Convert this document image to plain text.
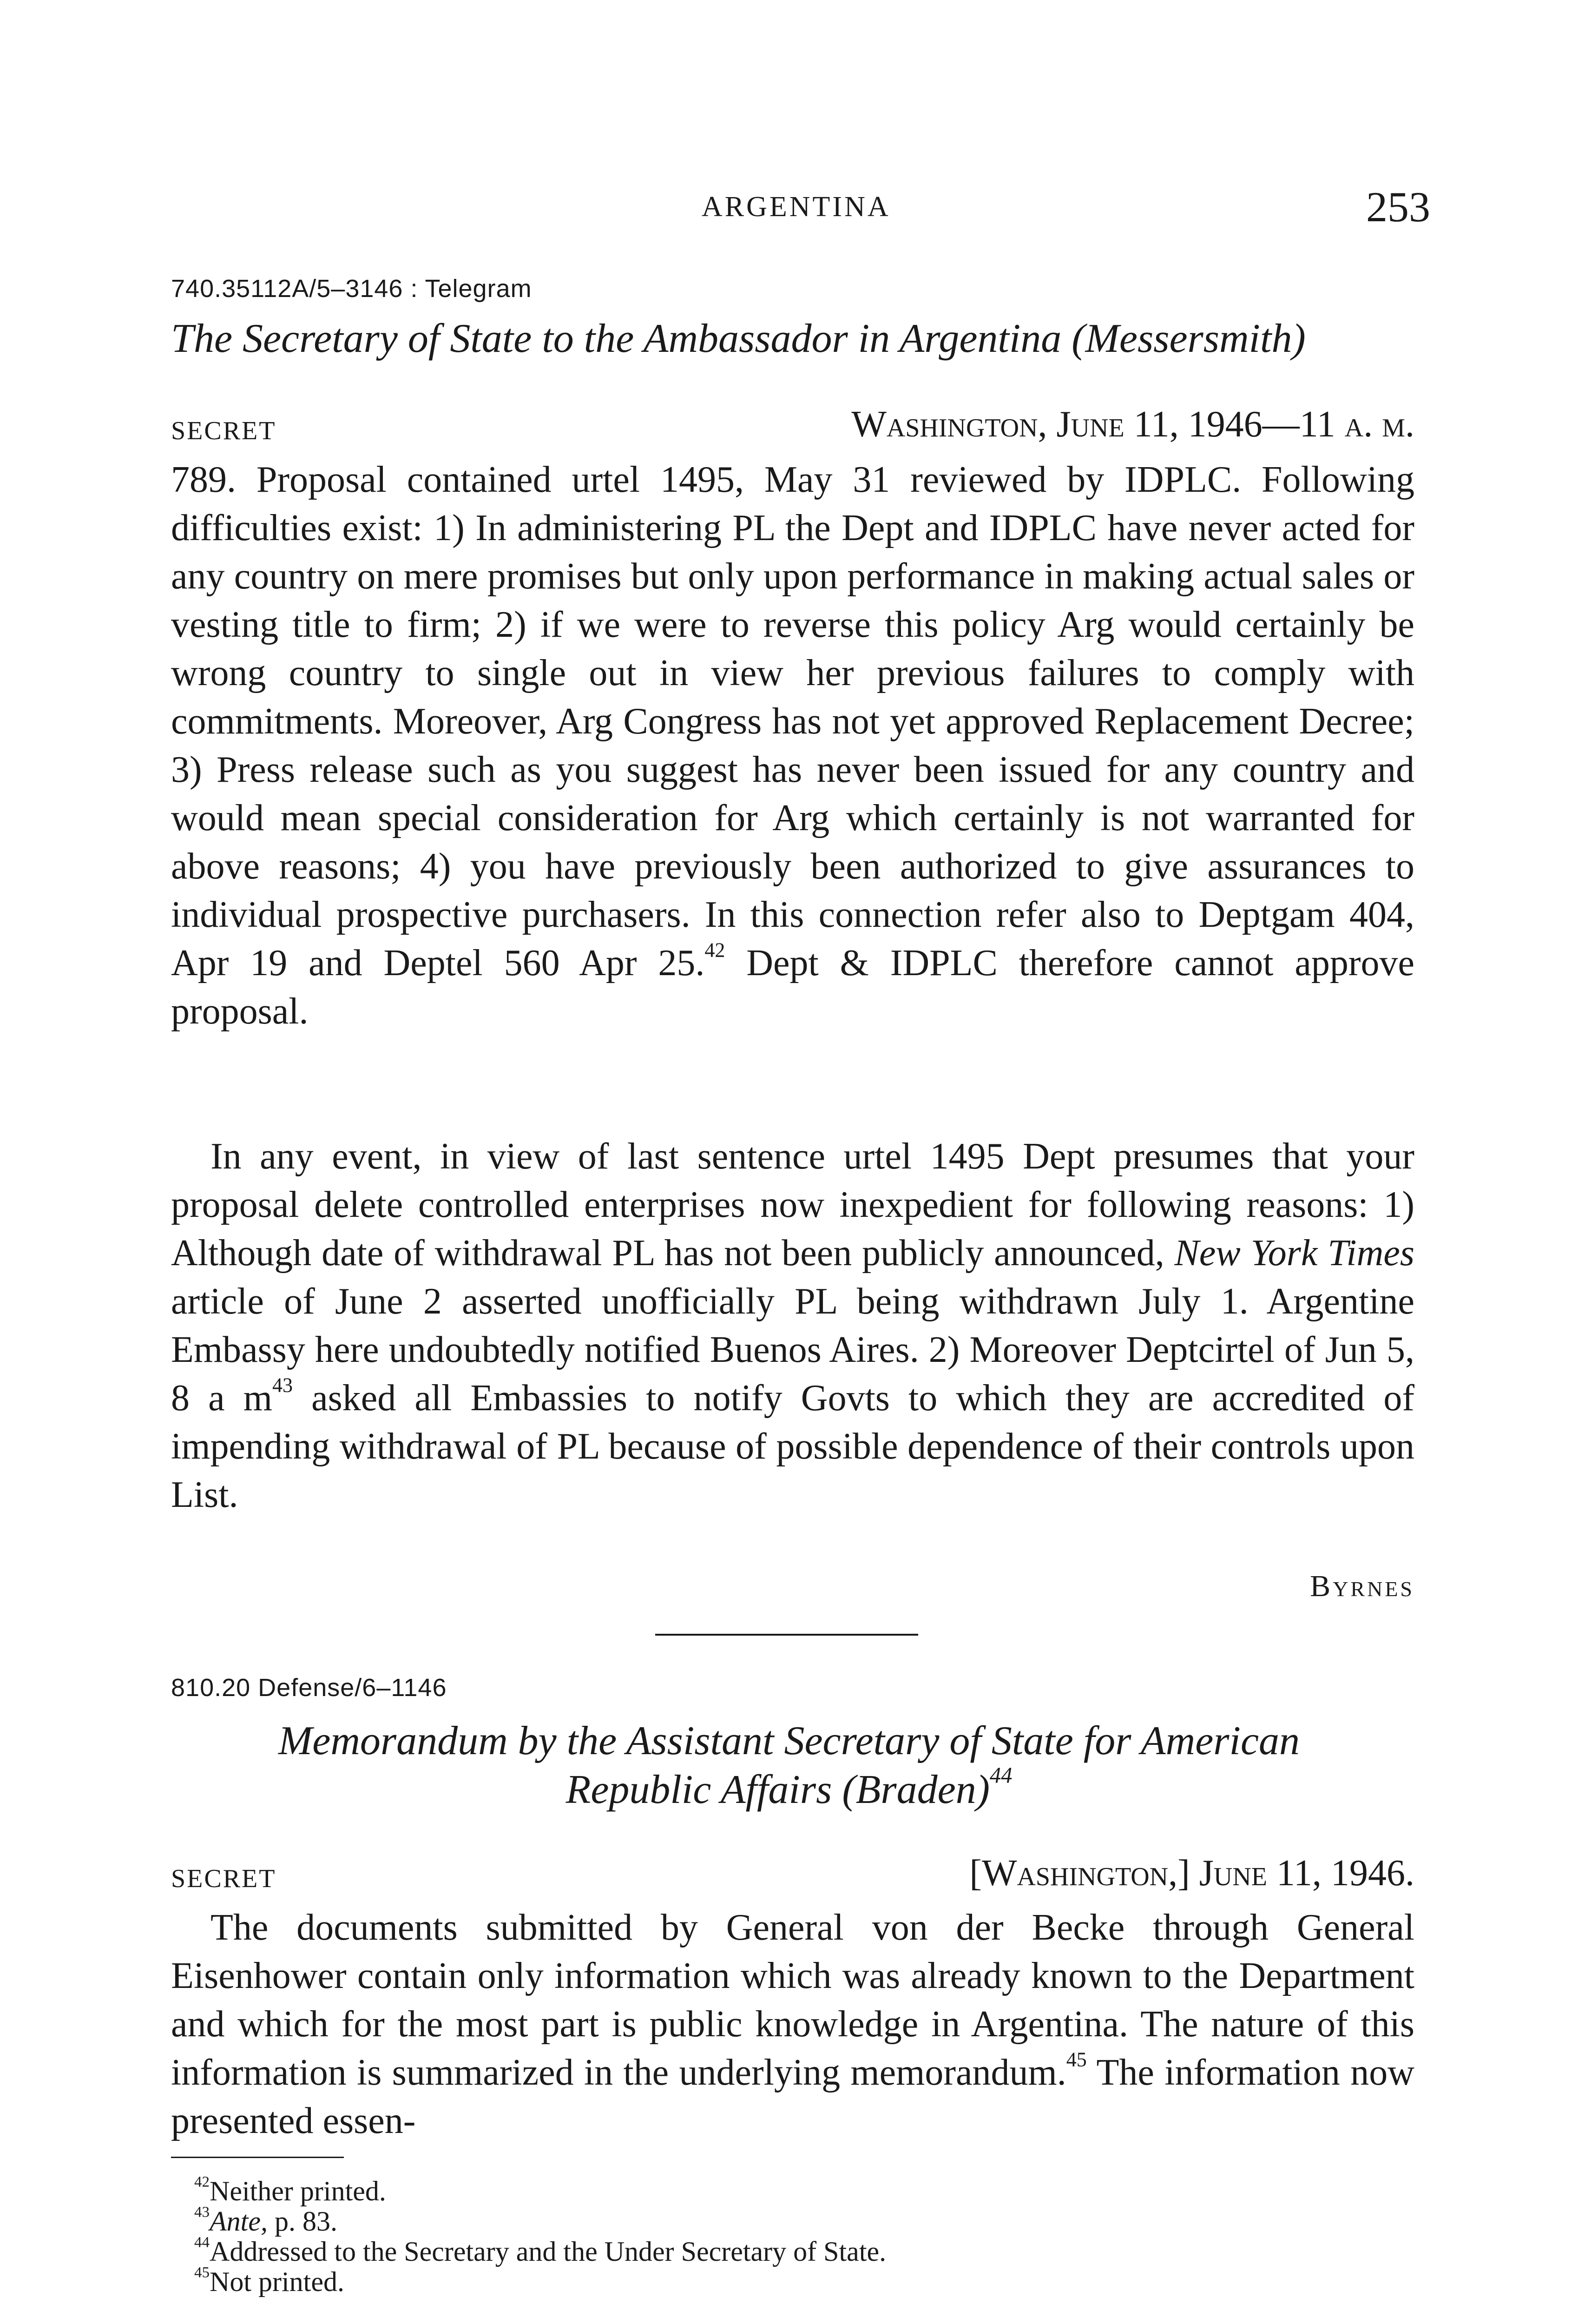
ARGENTINA	253
740.35112A/5–3146 : Telegram
The Secretary of State to the Ambassador in Argentina (Messersmith)
SECRET	Washington, June 11, 1946—11 a. m.

789. Proposal contained urtel 1495, May 31 reviewed by IDPLC. Following difficulties exist: 1) In administering PL the Dept and IDPLC have never acted for any country on mere promises but only upon performance in making actual sales or vesting title to firm; 2) if we were to reverse this policy Arg would certainly be wrong country to single out in view her previous failures to comply with commitments. Moreover, Arg Congress has not yet approved Replacement Decree; 3) Press release such as you suggest has never been issued for any country and would mean special consideration for Arg which certainly is not warranted for above reasons; 4) you have previously been authorized to give assurances to individual prospective purchasers. In this connection refer also to Deptgam 404, Apr 19 and Deptel 560 Apr 25.42 Dept & IDPLC therefore cannot approve proposal.

In any event, in view of last sentence urtel 1495 Dept presumes that your proposal delete controlled enterprises now inexpedient for following reasons: 1) Although date of withdrawal PL has not been publicly announced, New York Times article of June 2 asserted unofficially PL being withdrawn July 1. Argentine Embassy here undoubtedly notified Buenos Aires. 2) Moreover Deptcirtel of Jun 5, 8 a $m^{43}$ asked all Embassies to notify Govts to which they are accredited of impending withdrawal of PL because of possible dependence of their controls upon List.

Byrnes
810.20 Defense/6–1146
Memorandum by the Assistant Secretary of State for American
Republic Affairs (Braden)$^{44}$
SECRET	[Washington,] June 11, 1946.

The documents submitted by General von der Becke through General Eisenhower contain only information which was already known to the Department and which for the most part is public knowledge in Argentina. The nature of this information is summarized in the underlying memorandum.$^{45}$ The information now presented essen-

$^{42}$Neither printed.
$^{43}$Ante, p. 83.
$^{44}$Addressed to the Secretary and the Under Secretary of State.
$^{45}$Not printed.
